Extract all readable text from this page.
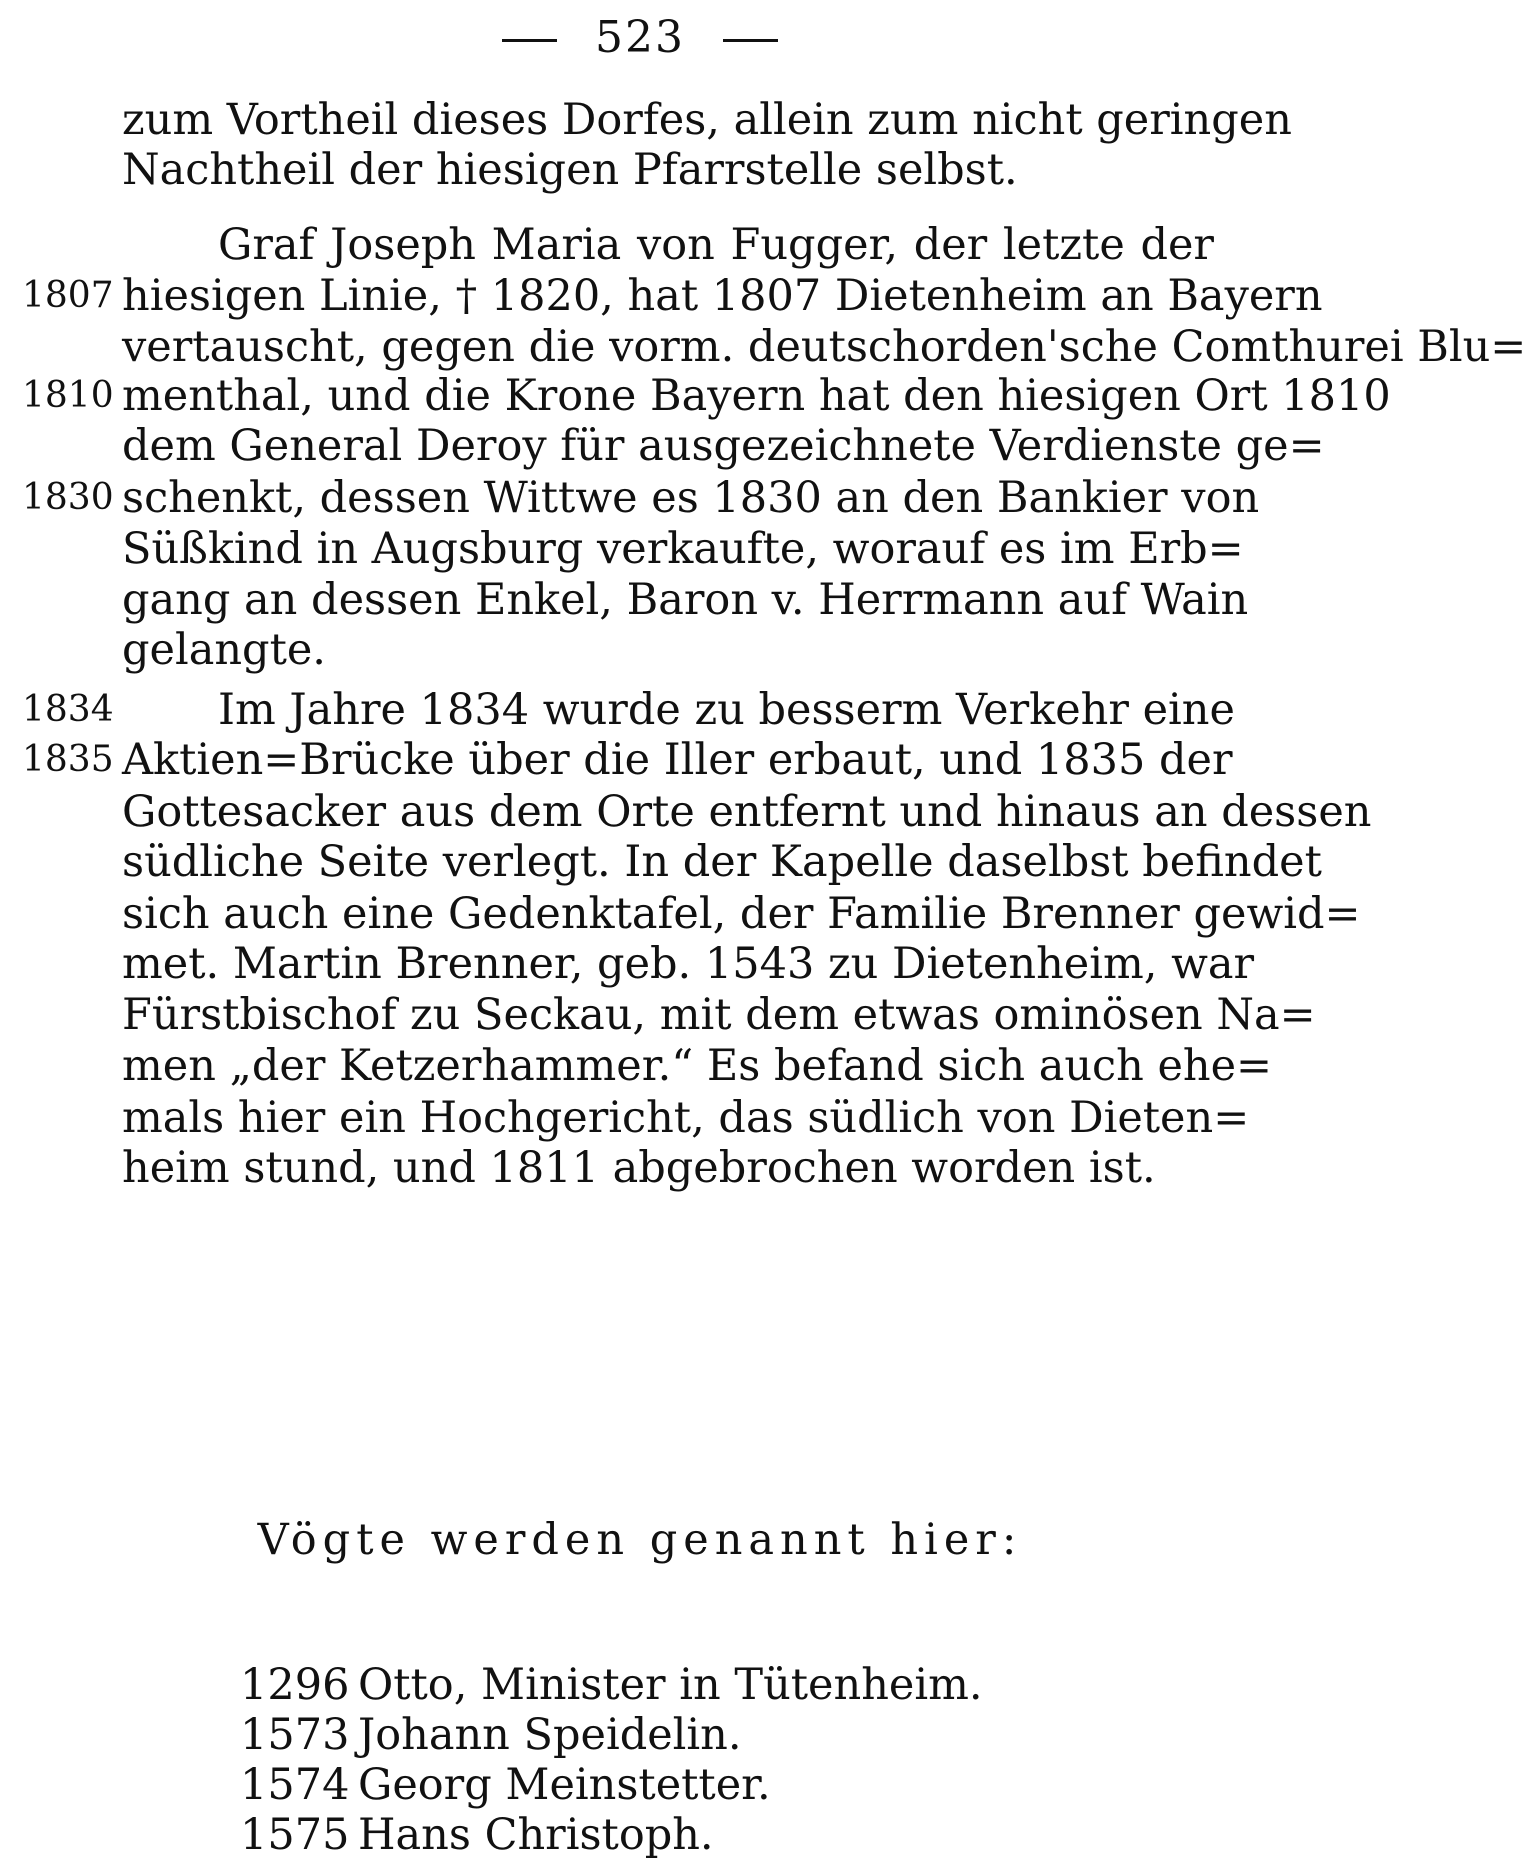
523
zum Vortheil dieses Dorfes, allein zum nicht geringen
Nachtheil der hiesigen Pfarrstelle selbst.
Graf Joseph Maria von Fugger, der letzte der
hiesigen Linie, † 1820, hat 1807 Dietenheim an Bayern
vertauscht, gegen die vorm. deutschorden'sche Comthurei Blu=
menthal, und die Krone Bayern hat den hiesigen Ort 1810
dem General Deroy für ausgezeichnete Verdienste ge=
schenkt, dessen Wittwe es 1830 an den Bankier von
Süßkind in Augsburg verkaufte, worauf es im Erb=
gang an dessen Enkel, Baron v. Herrmann auf Wain
gelangte.
Im Jahre 1834 wurde zu besserm Verkehr eine
Aktien=Brücke über die Iller erbaut, und 1835 der
Gottesacker aus dem Orte entfernt und hinaus an dessen
südliche Seite verlegt. In der Kapelle daselbst befindet
sich auch eine Gedenktafel, der Familie Brenner gewid=
met. Martin Brenner, geb. 1543 zu Dietenheim, war
Fürstbischof zu Seckau, mit dem etwas ominösen Na=
men „der Ketzerhammer.“ Es befand sich auch ehe=
mals hier ein Hochgericht, das südlich von Dieten=
heim stund, und 1811 abgebrochen worden ist.
1807
1810
1830
1834
1835
Vögte werden genannt hier:
1296 Otto, Minister in Tütenheim.
1573 Johann Speidelin.
1574 Georg Meinstetter.
1575 Hans Christoph.
